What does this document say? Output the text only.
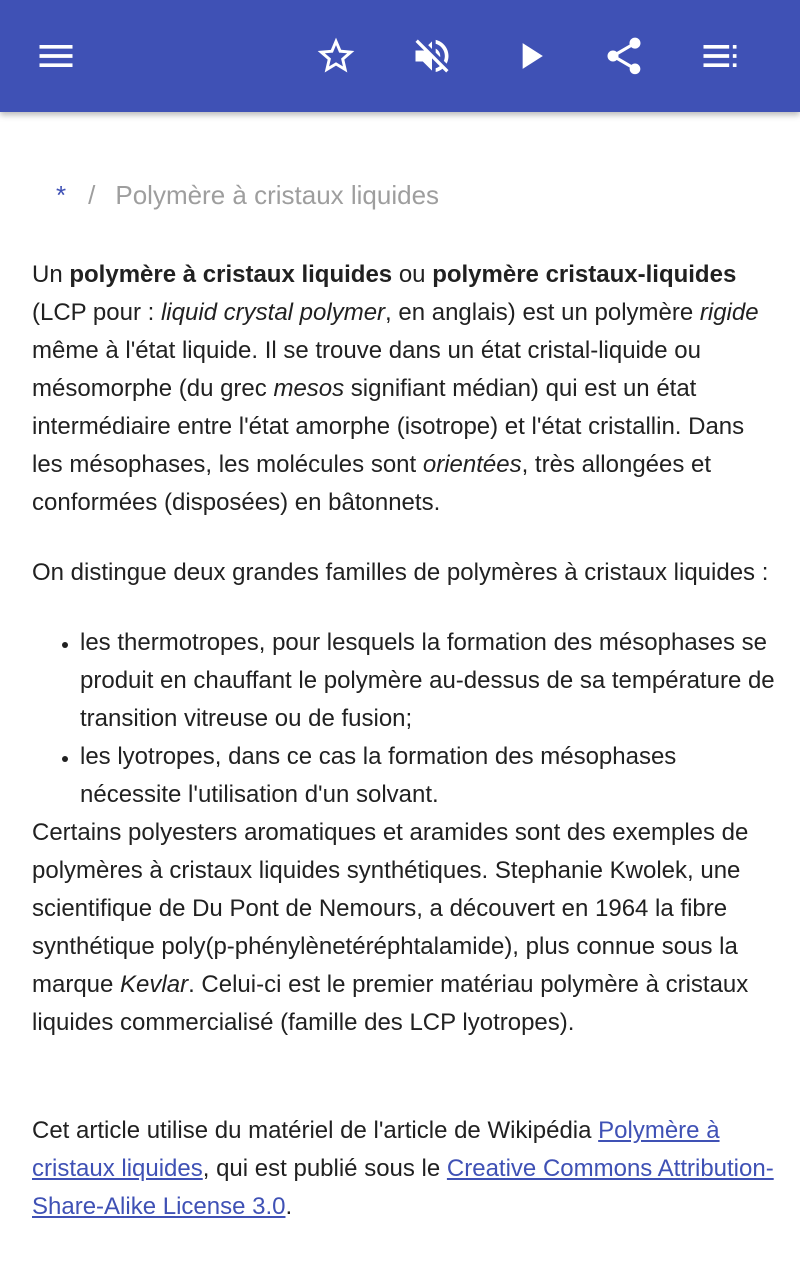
* / Polymère à cristaux liquides

Un polymère à cristaux liquides ou polymère cristaux-liquides (LCP pour : liquid crystal polymer, en anglais) est un polymère rigide même à l'état liquide. Il se trouve dans un état cristal-liquide ou mésomorphe (du grec mesos signifiant médian) qui est un état intermédiaire entre l'état amorphe (isotrope) et l'état cristallin. Dans les mésophases, les molécules sont orientées, très allongées et conformées (disposées) en bâtonnets.

On distingue deux grandes familles de polymères à cristaux liquides :

• les thermotropes, pour lesquels la formation des mésophases se produit en chauffant le polymère au-dessus de sa température de transition vitreuse ou de fusion;
• les lyotropes, dans ce cas la formation des mésophases nécessite l'utilisation d'un solvant.

Certains polyesters aromatiques et aramides sont des exemples de polymères à cristaux liquides synthétiques. Stephanie Kwolek, une scientifique de Du Pont de Nemours, a découvert en 1964 la fibre synthétique poly(p-phénylènetéréphtalamide), plus connue sous la marque Kevlar. Celui-ci est le premier matériau polymère à cristaux liquides commercialisé (famille des LCP lyotropes).

Cet article utilise du matériel de l'article de Wikipédia Polymère à cristaux liquides, qui est publié sous le Creative Commons Attribution-Share-Alike License 3.0.
